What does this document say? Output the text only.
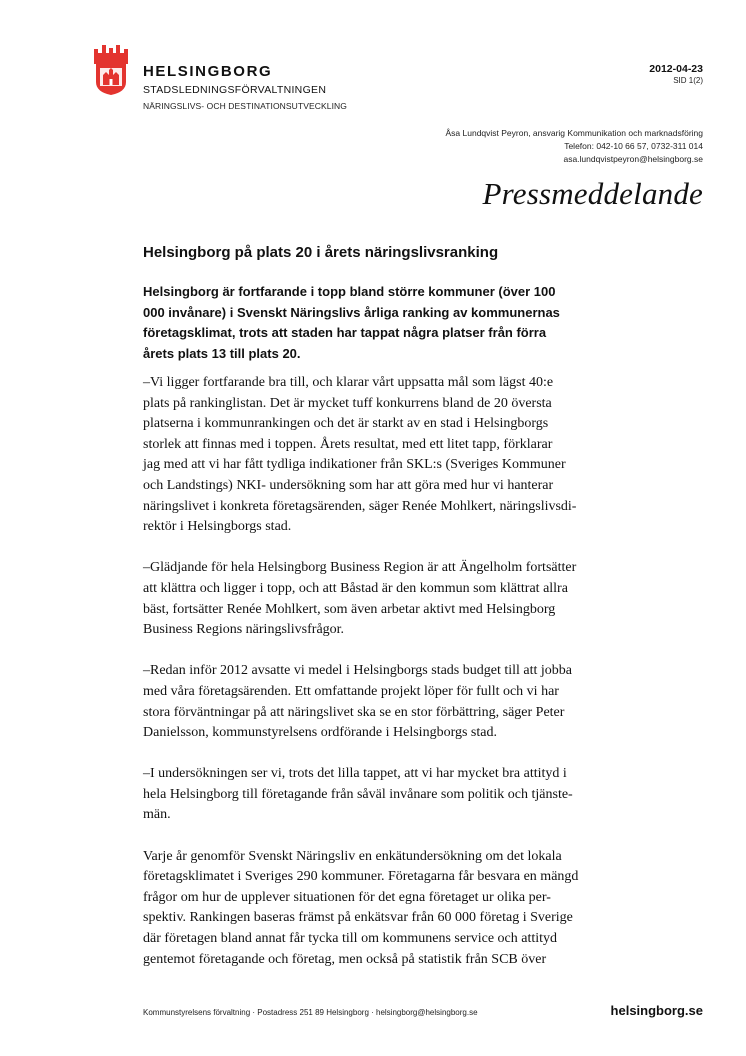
HELSINGBORG
STADSLEDNINGSFÖRVALTNINGEN
NÄRINGSLIVS- OCH DESTINATIONSUTVECKLING
2012-04-23
SID 1(2)
Åsa Lundqvist Peyron, ansvarig Kommunikation och marknadsföring
Telefon: 042-10 66 57, 0732-311 014
asa.lundqvistpeyron@helsingborg.se
Pressmeddelande
Helsingborg på plats 20 i årets näringslivsranking
Helsingborg är fortfarande i topp bland större kommuner (över 100
000 invånare) i Svenskt Näringslivs årliga ranking av kommunernas
företagsklimat, trots att staden har tappat några platser från förra
årets plats 13 till plats 20.
–Vi ligger fortfarande bra till, och klarar vårt uppsatta mål som lägst 40:e
plats på rankinglistan. Det är mycket tuff konkurrens bland de 20 översta
platserna i kommunrankingen och det är starkt av en stad i Helsingborgs
storlek att finnas med i toppen. Årets resultat, med ett litet tapp, förklarar
jag med att vi har fått tydliga indikationer från SKL:s (Sveriges Kommuner
och Landstings) NKI- undersökning som har att göra med hur vi hanterar
näringslivet i konkreta företagsärenden, säger Renée Mohlkert, näringslivsdi-
rektör i Helsingborgs stad.
–Glädjande för hela Helsingborg Business Region är att Ängelholm fortsätter
att klättra och ligger i topp, och att Båstad är den kommun som klättrat allra
bäst, fortsätter Renée Mohlkert, som även arbetar aktivt med Helsingborg
Business Regions näringslivsfrågor.
–Redan inför 2012 avsatte vi medel i Helsingborgs stads budget till att jobba
med våra företagsärenden. Ett omfattande projekt löper för fullt och vi har
stora förväntningar på att näringslivet ska se en stor förbättring, säger Peter
Danielsson, kommunstyrelsens ordförande i Helsingborgs stad.
–I undersökningen ser vi, trots det lilla tappet, att vi har mycket bra attityd i
hela Helsingborg till företagande från såväl invånare som politik och tjänste-
män.
Varje år genomför Svenskt Näringsliv en enkätundersökning om det lokala
företagsklimatet i Sveriges 290 kommuner. Företagarna får besvara en mängd
frågor om hur de upplever situationen för det egna företaget ur olika per-
spektiv. Rankingen baseras främst på enkätsvar från 60 000 företag i Sverige
där företagen bland annat får tycka till om kommunens service och attityd
gentemot företagande och företag, men också på statistik från SCB över
Kommunstyrelsens förvaltning · Postadress 251 89 Helsingborg · helsingborg@helsingborg.se	helsingborg.se
